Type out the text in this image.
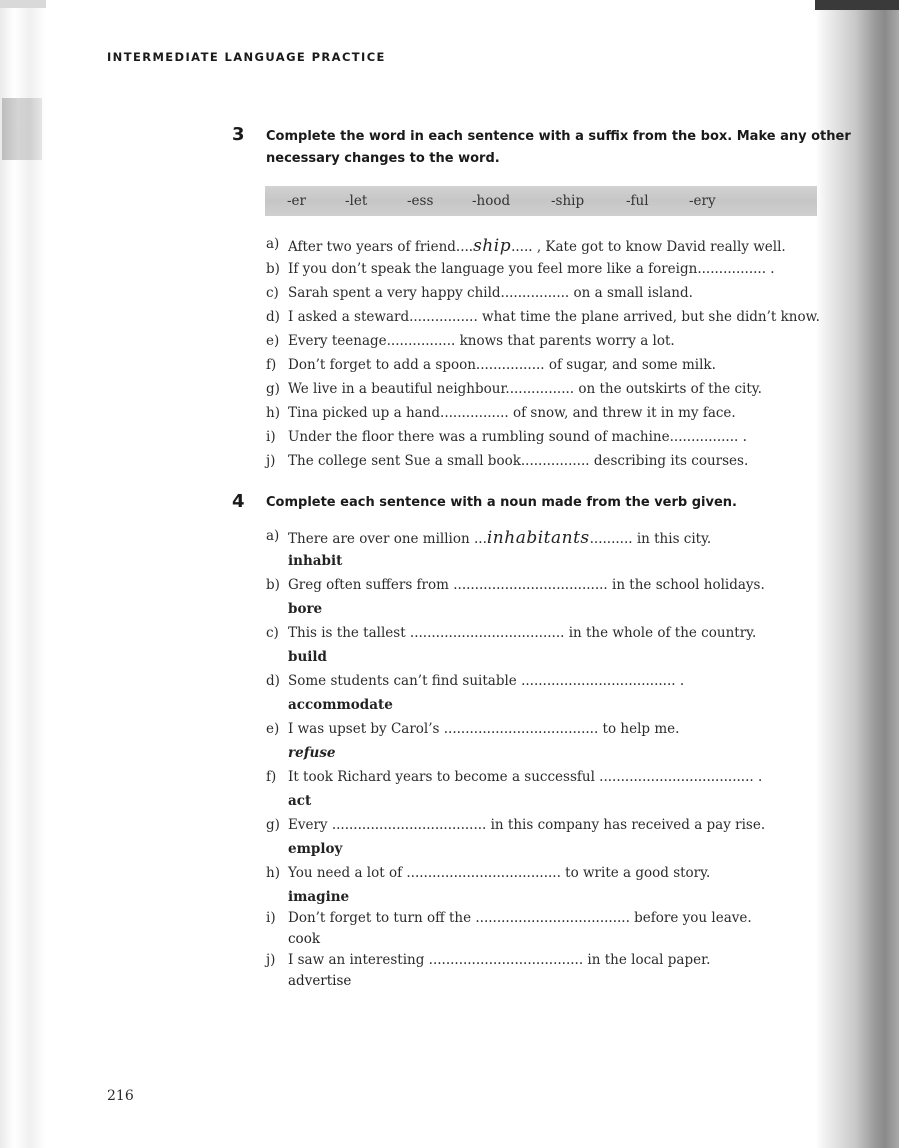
INTERMEDIATE LANGUAGE PRACTICE
3 Complete the word in each sentence with a suffix from the box. Make any other
necessary changes to the word.
-er	-let	-ess	-hood	-ship	-ful	-ery
a) After two years of friend....ship..... , Kate got to know David really well.
b) If you don’t speak the language you feel more like a foreign................ .
c) Sarah spent a very happy child................ on a small island.
d) I asked a steward................ what time the plane arrived, but she didn’t know.
e) Every teenage................ knows that parents worry a lot.
f) Don’t forget to add a spoon................ of sugar, and some milk.
g) We live in a beautiful neighbour................ on the outskirts of the city.
h) Tina picked up a hand................ of snow, and threw it in my face.
i) Under the floor there was a rumbling sound of machine................ .
j) The college sent Sue a small book................ describing its courses.
4 Complete each sentence with a noun made from the verb given.
a) There are over one million ...inhabitants.......... in this city.
inhabit
b) Greg often suffers from .................................... in the school holidays.
bore
c) This is the tallest .................................... in the whole of the country.
build
d) Some students can’t find suitable .................................... .
accommodate
e) I was upset by Carol’s .................................... to help me.
refuse
f) It took Richard years to become a successful .................................... .
act
g) Every .................................... in this company has received a pay rise.
employ
h) You need a lot of .................................... to write a good story.
imagine
i) Don’t forget to turn off the .................................... before you leave.
cook
j) I saw an interesting .................................... in the local paper.
advertise
216
